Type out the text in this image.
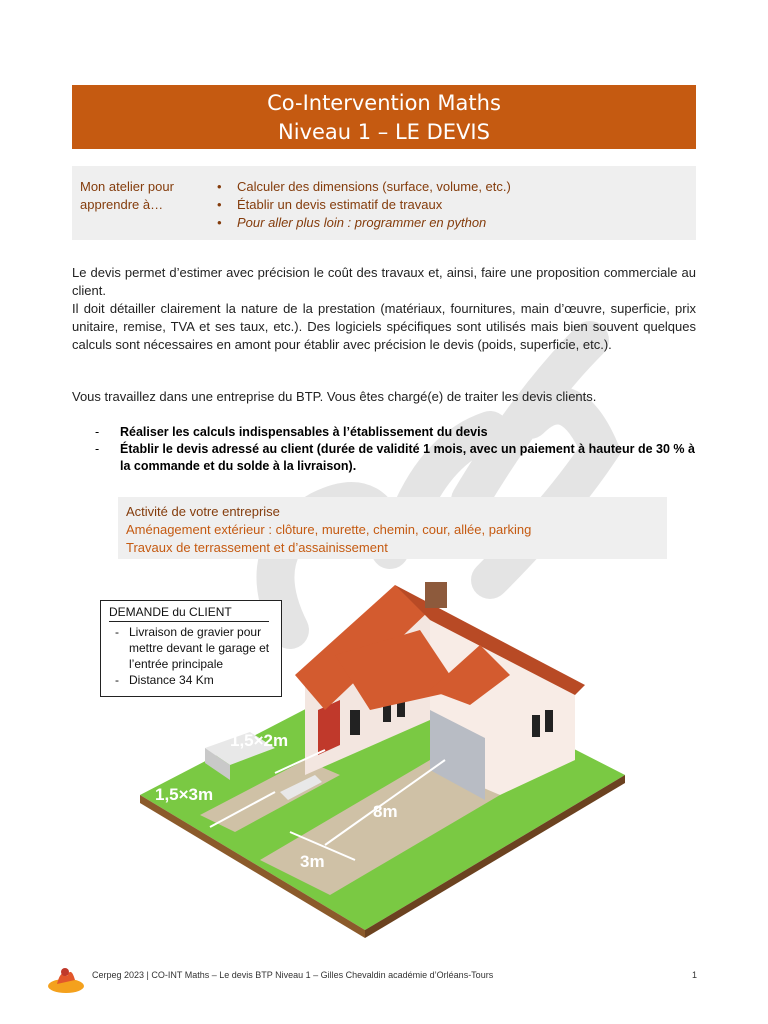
Co-Intervention Maths
Niveau 1 – LE DEVIS
Mon atelier pour apprendre à…
• Calculer des dimensions (surface, volume, etc.)
• Établir un devis estimatif de travaux
• Pour aller plus loin : programmer en python

Le devis permet d’estimer avec précision le coût des travaux et, ainsi, faire une proposition commerciale au client.

Il doit détailler clairement la nature de la prestation (matériaux, fournitures, main d’œuvre, superficie, prix unitaire, remise, TVA et ses taux, etc.). Des logiciels spécifiques sont utilisés mais bien souvent quelques calculs sont nécessaires en amont pour établir avec précision le devis (poids, superficie, etc.).

Vous travaillez dans une entreprise du BTP. Vous êtes chargé(e) de traiter les devis clients.
- Réaliser les calculs indispensables à l’établissement du devis
- Établir le devis adressé au client (durée de validité 1 mois, avec un paiement à hauteur de 30 % à la commande et du solde à la livraison).
Activité de votre entreprise
Aménagement extérieur : clôture, murette, chemin, cour, allée, parking
Travaux de terrassement et d’assainissement
1,5×2m
1,5×3m
8m
3m
DEMANDE du CLIENT
- Livraison de gravier pour mettre devant le garage et l’entrée principale
- Distance 34 Km
Cerpeg 2023 | CO-INT Maths – Le devis BTP Niveau 1 – Gilles Chevaldin académie d’Orléans-Tours	1
